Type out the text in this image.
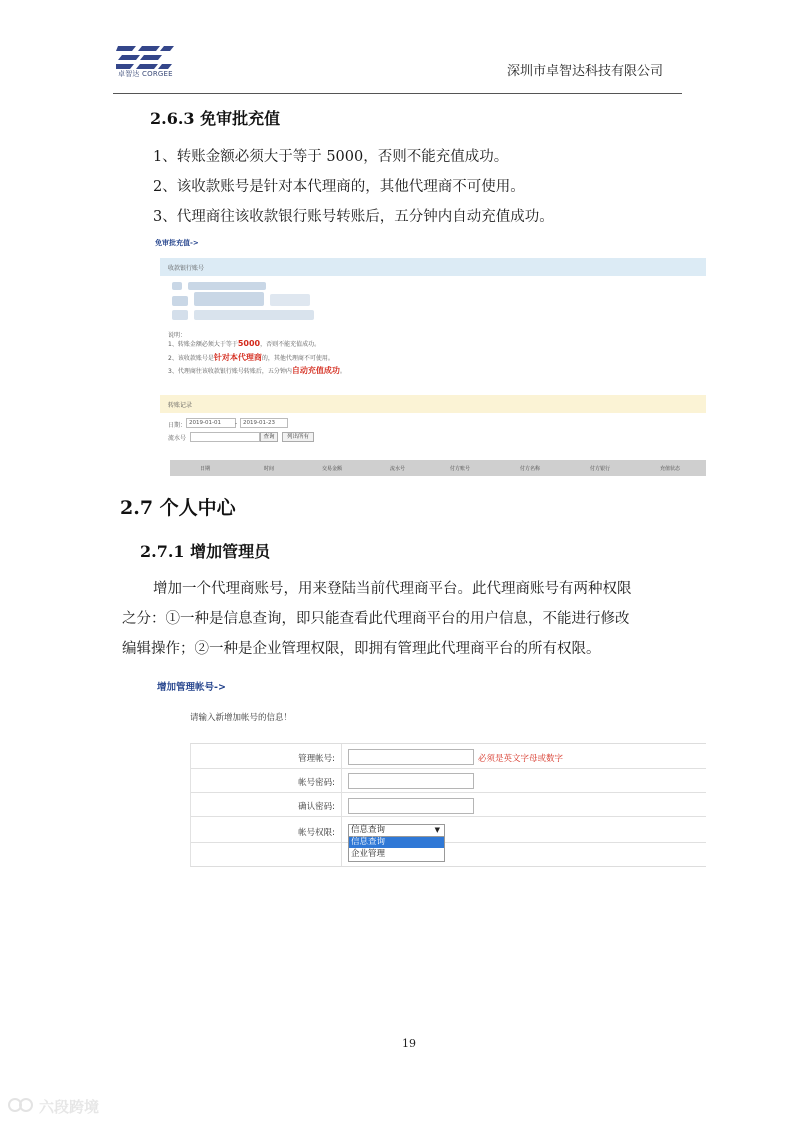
卓智达 CORGEE	深圳市卓智达科技有限公司
2.6.3 免审批充值
1、转账金额必须大于等于 5000，否则不能充值成功。
2、该收款账号是针对本代理商的，其他代理商不可使用。
3、代理商往该收款银行账号转账后，五分钟内自动充值成功。
免审批充值->
收款银行账号
说明：
1、转账金额必须大于等于5000，否则不能充值成功。
2、该收款账号是针对本代理商的，其他代理商不可使用。
3、代理商往该收款银行账号转账后，五分钟内自动充值成功。
转账记录
日期： 2019-01-01	-	2019-01-23
流水号	查询	列出所有
日期	时间	交易金额	流水号	付方账号	付方名称	付方银行	充值状态
2.7 个人中心
2.7.1 增加管理员
增加一个代理商账号，用来登陆当前代理商平台。此代理商账号有两种权限
之分：①一种是信息查询，即只能查看此代理商平台的用户信息，不能进行修改
编辑操作；②一种是企业管理权限，即拥有管理此代理商平台的所有权限。
增加管理帐号->
请输入新增加帐号的信息！
管理帐号:	必须是英文字母或数字
帐号密码:
确认密码:
帐号权限:	信息查询	▼
信息查询
企业管理
19
六段跨境
